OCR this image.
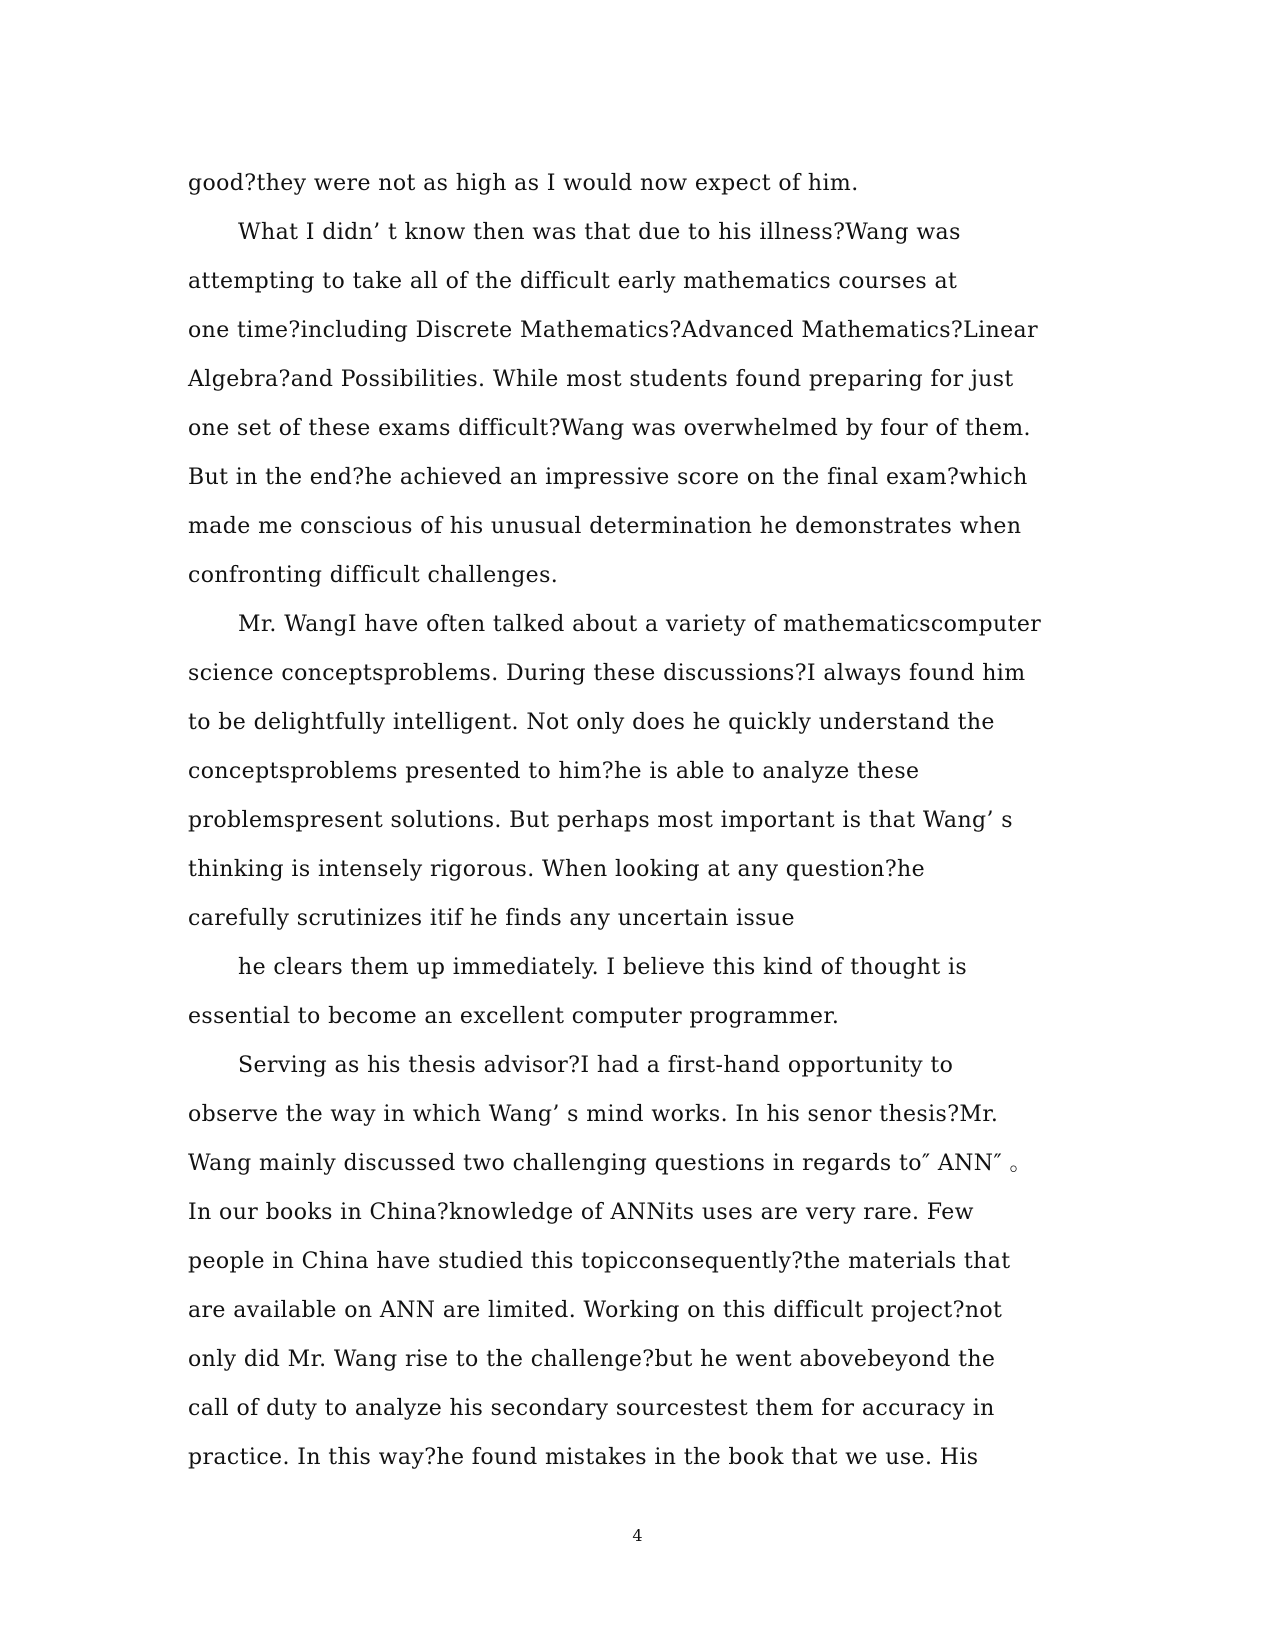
good?they were not as high as I would now expect of him.
What I didn’ t know then was that due to his illness?Wang was
attempting to take all of the difficult early mathematics courses at
one time?including Discrete Mathematics?Advanced Mathematics?Linear
Algebra?and Possibilities. While most students found preparing for just
one set of these exams difficult?Wang was overwhelmed by four of them.
But in the end?he achieved an impressive score on the final exam?which
made me conscious of his unusual determination he demonstrates when
confronting difficult challenges.
Mr. WangI have often talked about a variety of mathematicscomputer
science conceptsproblems. During these discussions?I always found him
to be delightfully intelligent. Not only does he quickly understand the
conceptsproblems presented to him?he is able to analyze these
problemspresent solutions. But perhaps most important is that Wang’ s
thinking is intensely rigorous. When looking at any question?he
carefully scrutinizes itif he finds any uncertain issue
he clears them up immediately. I believe this kind of thought is
essential to become an excellent computer programmer.
Serving as his thesis advisor?I had a first-hand opportunity to
observe the way in which Wang’ s mind works. In his senor thesis?Mr.
Wang mainly discussed two challenging questions in regards to″ ANN″ 。
In our books in China?knowledge of ANNits uses are very rare. Few
people in China have studied this topicconsequently?the materials that
are available on ANN are limited. Working on this difficult project?not
only did Mr. Wang rise to the challenge?but he went abovebeyond the
call of duty to analyze his secondary sourcestest them for accuracy in
practice. In this way?he found mistakes in the book that we use. His
4
